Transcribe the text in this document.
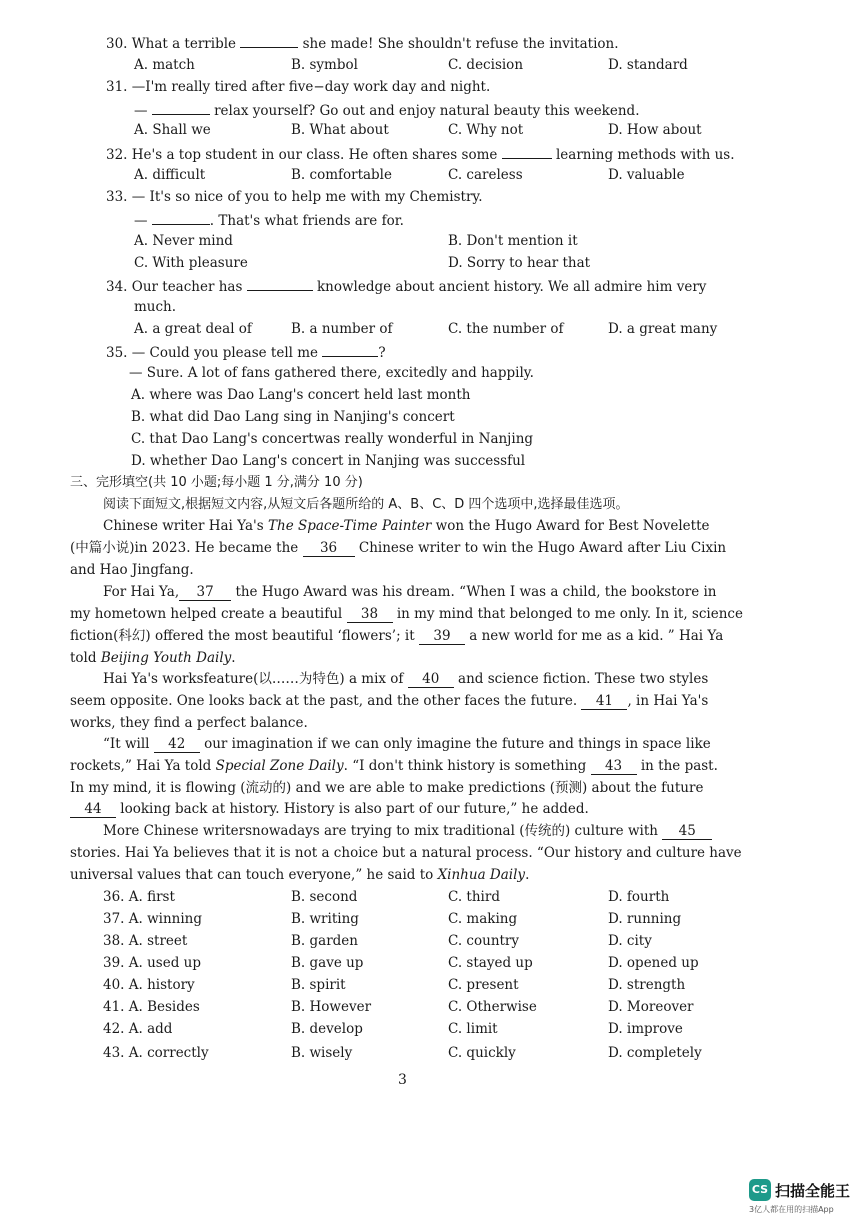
30. What a terrible	she made! She shouldn't refuse the invitation.
A. match	B. symbol	C. decision	D. standard
31. —I'm really tired after five−day work day and night.
—	relax yourself? Go out and enjoy natural beauty this weekend.
A. Shall we	B. What about	C. Why not	D. How about
32. He's a top student in our class. He often shares some	learning methods with us.
A. difficult	B. comfortable	C. careless	D. valuable
33. — It's so nice of you to help me with my Chemistry.
—	. That's what friends are for.
A. Never mind	B. Don't mention it
C. With pleasure	D. Sorry to hear that
34. Our teacher has	knowledge about ancient history. We all admire him very
much.
A. a great deal of	B. a number of	C. the number of	D. a great many
35. — Could you please tell me	?
— Sure. A lot of fans gathered there, excitedly and happily.
A. where was Dao Lang's concert held last month
B. what did Dao Lang sing in Nanjing's concert
C. that Dao Lang's concertwas really wonderful in Nanjing
D. whether Dao Lang's concert in Nanjing was successful
三、完形填空(共 10 小题;每小题 1 分,满分 10 分)
阅读下面短文,根据短文内容,从短文后各题所给的 A、B、C、D 四个选项中,选择最佳选项。
Chinese writer Hai Ya's The Space-Time Painter won the Hugo Award for Best Novelette
(中篇小说)in 2023. He became the 36 Chinese writer to win the Hugo Award after Liu Cixin
and Hao Jingfang.
For Hai Ya, 37 the Hugo Award was his dream. “When I was a child, the bookstore in
my hometown helped create a beautiful 38 in my mind that belonged to me only. In it, science
fiction(科幻) offered the most beautiful ‘flowers’; it 39 a new world for me as a kid. ” Hai Ya
told Beijing Youth Daily.
Hai Ya's worksfeature(以……为特色) a mix of 40 and science fiction. These two styles
seem opposite. One looks back at the past, and the other faces the future. 41 , in Hai Ya's
works, they find a perfect balance.
“It will 42 our imagination if we can only imagine the future and things in space like
rockets,” Hai Ya told Special Zone Daily. “I don't think history is something 43 in the past.
In my mind, it is flowing (流动的) and we are able to make predictions (预测) about the future
44 looking back at history. History is also part of our future,” he added.
More Chinese writersnowadays are trying to mix traditional (传统的) culture with 45
stories. Hai Ya believes that it is not a choice but a natural process. “Our history and culture have
universal values that can touch everyone,” he said to Xinhua Daily.
36. A. first	B. second	C. third	D. fourth
37. A. winning	B. writing	C. making	D. running
38. A. street	B. garden	C. country	D. city
39. A. used up	B. gave up	C. stayed up	D. opened up
40. A. history	B. spirit	C. present	D. strength
41. A. Besides	B. However	C. Otherwise	D. Moreover
42. A. add	B. develop	C. limit	D. improve
43. A. correctly	B. wisely	C. quickly	D. completely
3
CS 扫描全能王
3亿人都在用的扫描App
